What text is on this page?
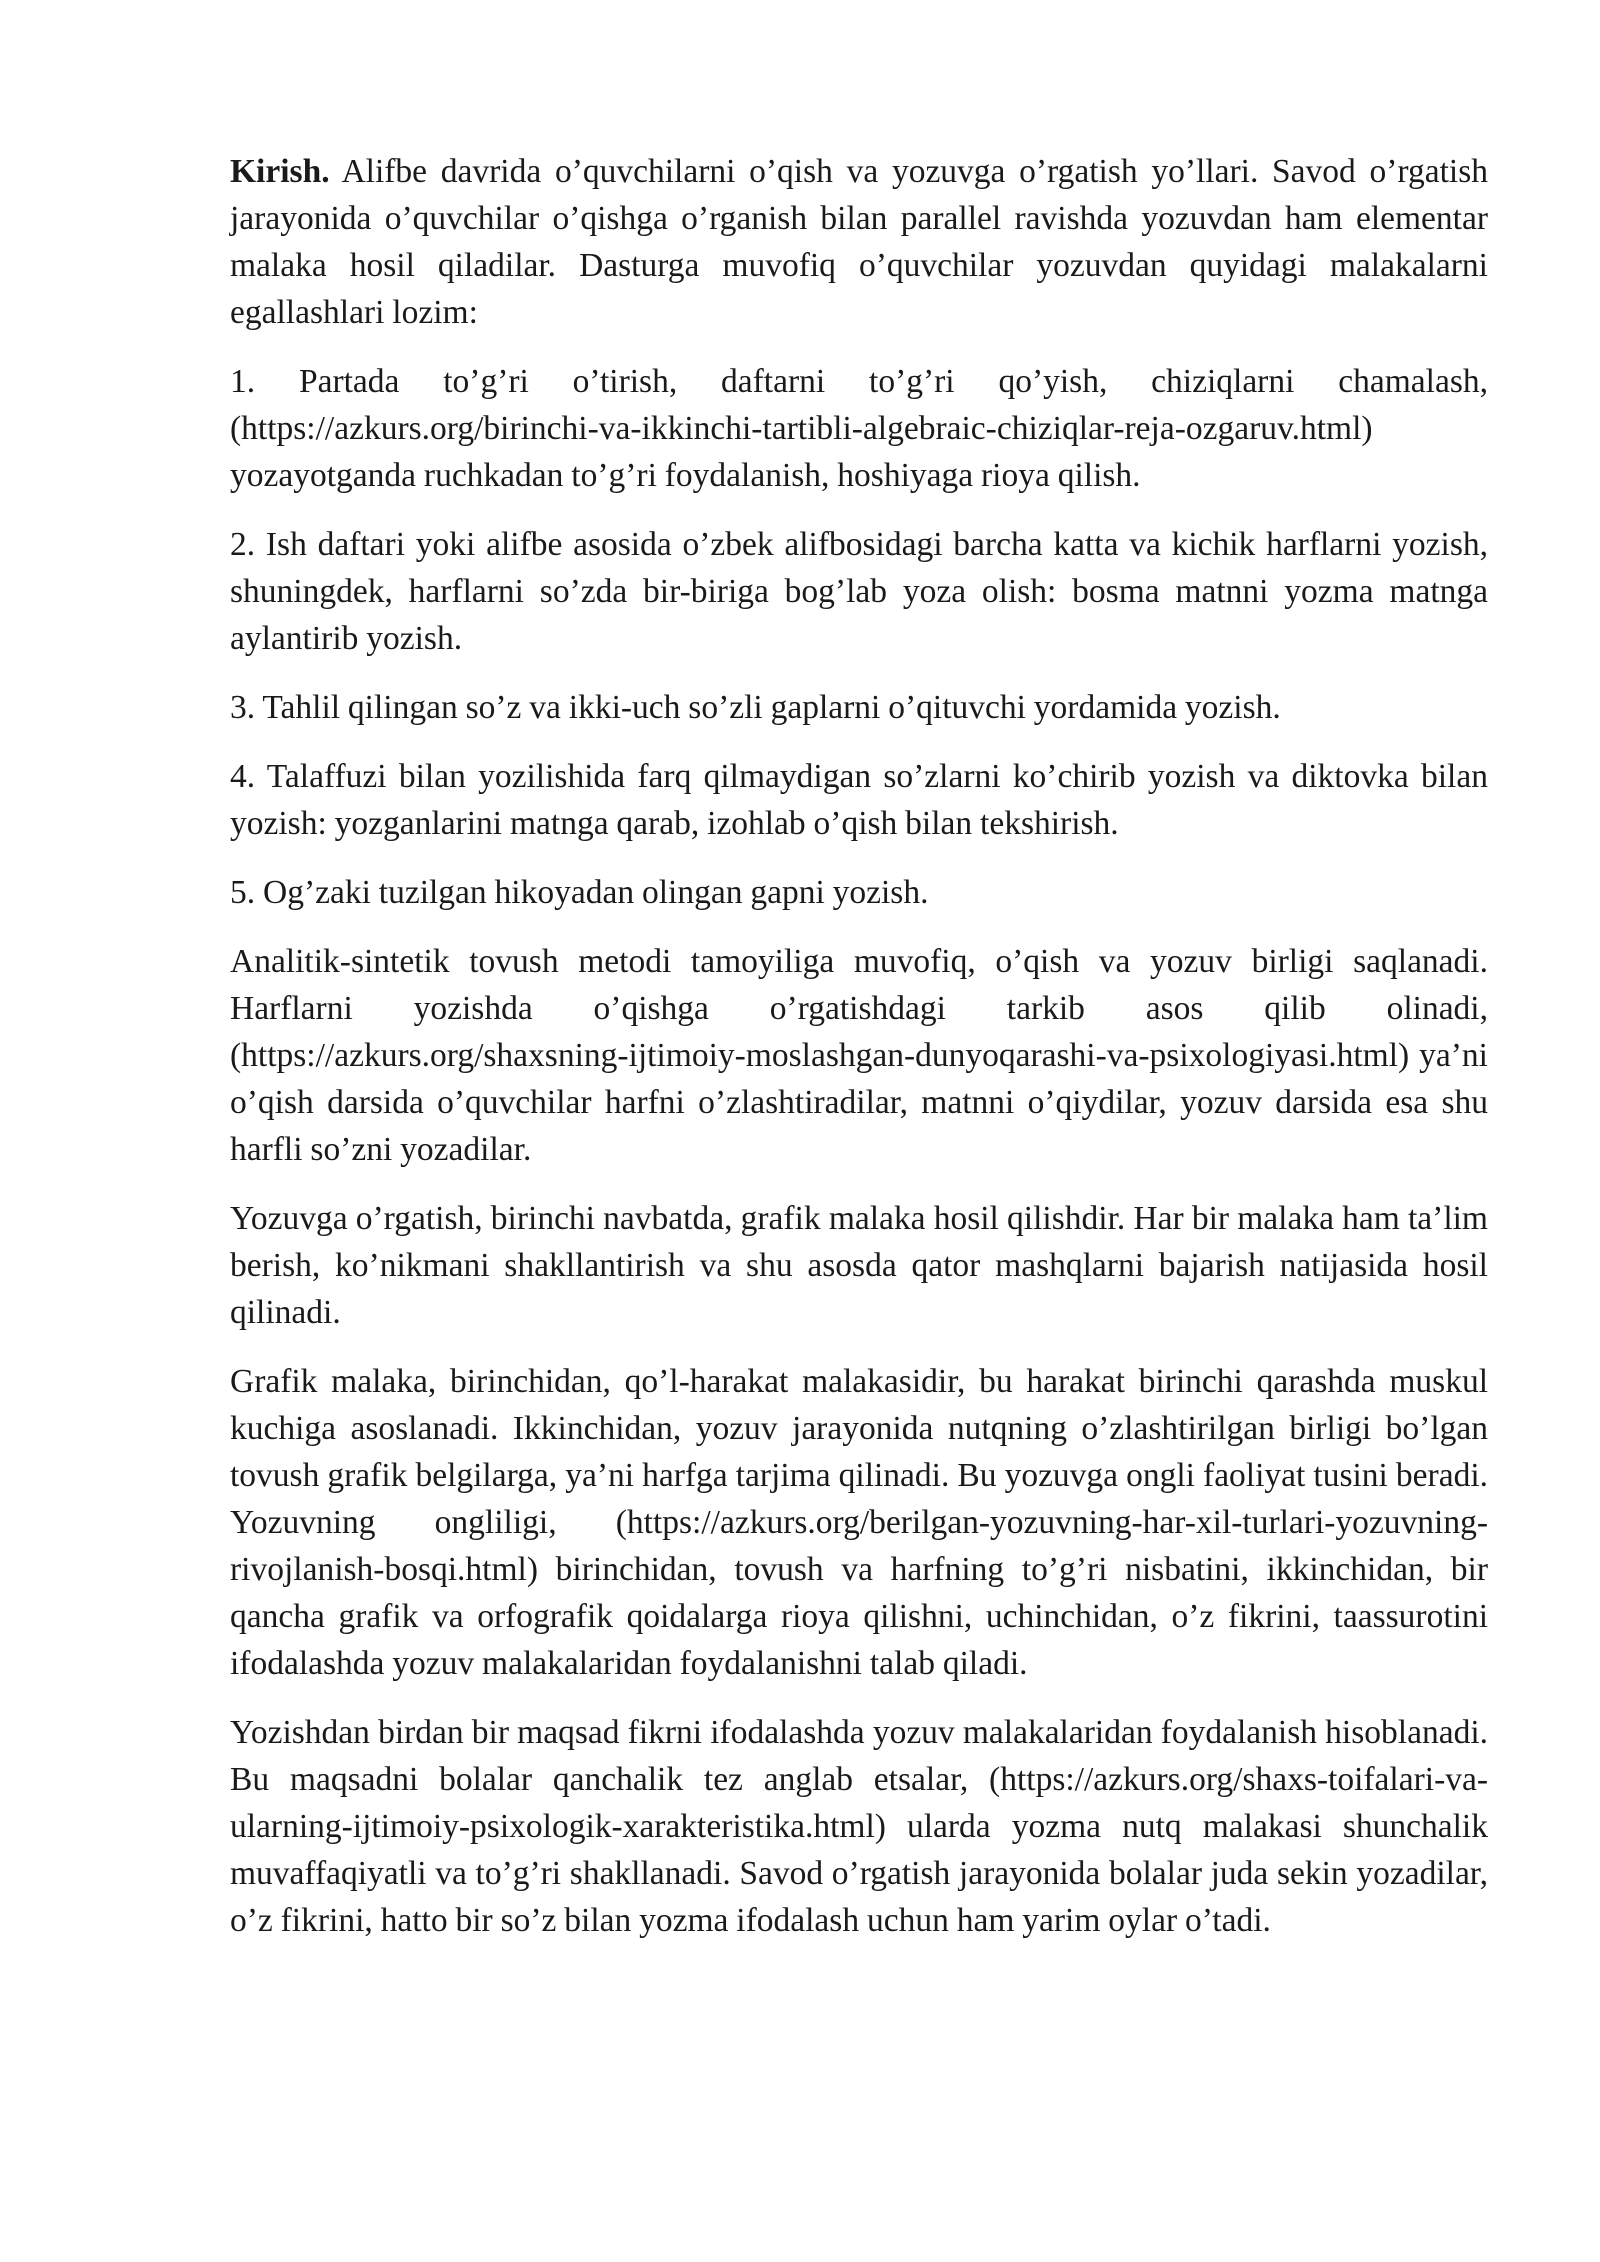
Kirish. Alifbe davrida o’quvchilarni o’qish va yozuvga o’rgatish yo’llari. Savod o’rgatish jarayonida o’quvchilar o’qishga o’rganish bilan parallel ravishda yozuvdan ham elementar malaka hosil qiladilar. Dasturga muvofiq o’quvchilar yozuvdan quyidagi malakalarni egallashlari lozim:

1. Partada to’g’ri o’tirish, daftarni to’g’ri qo’yish, chiziqlarni chamalash, (https://azkurs.org/birinchi-va-ikkinchi-tartibli-algebraic-chiziqlar-reja-ozgaruv.html) yozayotganda ruchkadan to’g’ri foydalanish, hoshiyaga rioya qilish.

2. Ish daftari yoki alifbe asosida o’zbek alifbosidagi barcha katta va kichik harflarni yozish, shuningdek, harflarni so’zda bir-biriga bog’lab yoza olish: bosma matnni yozma matnga aylantirib yozish.

3. Tahlil qilingan so’z va ikki-uch so’zli gaplarni o’qituvchi yordamida yozish.

4. Talaffuzi bilan yozilishida farq qilmaydigan so’zlarni ko’chirib yozish va diktovka bilan yozish: yozganlarini matnga qarab, izohlab o’qish bilan tekshirish.

5. Og’zaki tuzilgan hikoyadan olingan gapni yozish.

Analitik-sintetik tovush metodi tamoyiliga muvofiq, o’qish va yozuv birligi saqlanadi. Harflarni yozishda o’qishga o’rgatishdagi tarkib asos qilib olinadi, (https://azkurs.org/shaxsning-ijtimoiy-moslashgan-dunyoqarashi-va-psixologiyasi.html) ya’ni o’qish darsida o’quvchilar harfni o’zlashtiradilar, matnni o’qiydilar, yozuv darsida esa shu harfli so’zni yozadilar.

Yozuvga o’rgatish, birinchi navbatda, grafik malaka hosil qilishdir. Har bir malaka ham ta’lim berish, ko’nikmani shakllantirish va shu asosda qator mashqlarni bajarish natijasida hosil qilinadi.

Grafik malaka, birinchidan, qo’l-harakat malakasidir, bu harakat birinchi qarashda muskul kuchiga asoslanadi. Ikkinchidan, yozuv jarayonida nutqning o’zlashtirilgan birligi bo’lgan tovush grafik belgilarga, ya’ni harfga tarjima qilinadi. Bu yozuvga ongli faoliyat tusini beradi. Yozuvning ongliligi, (https://azkurs.org/berilgan-yozuvning-har-xil-turlari-yozuvning-rivojlanish-bosqi.html) birinchidan, tovush va harfning to’g’ri nisbatini, ikkinchidan, bir qancha grafik va orfografik qoidalarga rioya qilishni, uchinchidan, o’z fikrini, taassurotini ifodalashda yozuv malakalaridan foydalanishni talab qiladi.

Yozishdan birdan bir maqsad fikrni ifodalashda yozuv malakalaridan foydalanish hisoblanadi. Bu maqsadni bolalar qanchalik tez anglab etsalar, (https://azkurs.org/shaxs-toifalari-va-ularning-ijtimoiy-psixologik-xarakteristika.html) ularda yozma nutq malakasi shunchalik muvaffaqiyatli va to’g’ri shakllanadi. Savod o’rgatish jarayonida bolalar juda sekin yozadilar, o’z fikrini, hatto bir so’z bilan yozma ifodalash uchun ham yarim oylar o’tadi.
